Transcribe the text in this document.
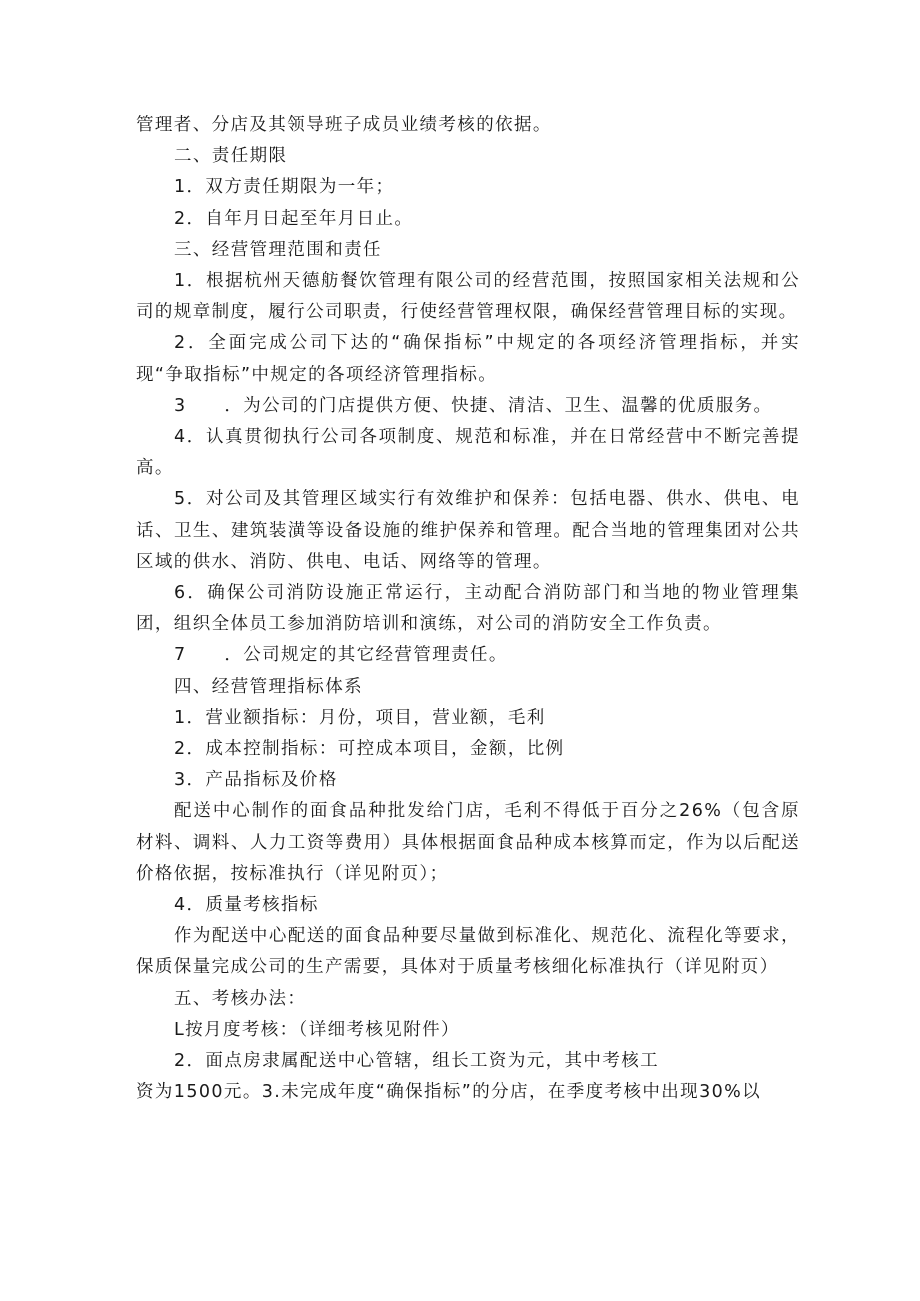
管理者、分店及其领导班子成员业绩考核的依据。

二、责任期限

1．双方责任期限为一年；

2．自年月日起至年月日止。

三、经营管理范围和责任

1．根据杭州天德舫餐饮管理有限公司的经营范围，按照国家相关法规和公司的规章制度，履行公司职责，行使经营管理权限，确保经营管理目标的实现。

2．全面完成公司下达的“确保指标”中规定的各项经济管理指标，并实现“争取指标”中规定的各项经济管理指标。

3　　．为公司的门店提供方便、快捷、清洁、卫生、温馨的优质服务。

4．认真贯彻执行公司各项制度、规范和标准，并在日常经营中不断完善提高。

5．对公司及其管理区域实行有效维护和保养：包括电器、供水、供电、电话、卫生、建筑装潢等设备设施的维护保养和管理。配合当地的管理集团对公共区域的供水、消防、供电、电话、网络等的管理。

6．确保公司消防设施正常运行，主动配合消防部门和当地的物业管理集团，组织全体员工参加消防培训和演练，对公司的消防安全工作负责。

7　　．公司规定的其它经营管理责任。

四、经营管理指标体系

1．营业额指标：月份，项目，营业额，毛利

2．成本控制指标：可控成本项目，金额，比例

3．产品指标及价格

配送中心制作的面食品种批发给门店，毛利不得低于百分之26%（包含原材料、调料、人力工资等费用）具体根据面食品种成本核算而定，作为以后配送价格依据，按标准执行（详见附页）；

4．质量考核指标

作为配送中心配送的面食品种要尽量做到标准化、规范化、流程化等要求，保质保量完成公司的生产需要，具体对于质量考核细化标准执行（详见附页）

五、考核办法：

L按月度考核：（详细考核见附件）

2．面点房隶属配送中心管辖，组长工资为元，其中考核工

资为1500元。3.未完成年度“确保指标”的分店，在季度考核中出现30%以
